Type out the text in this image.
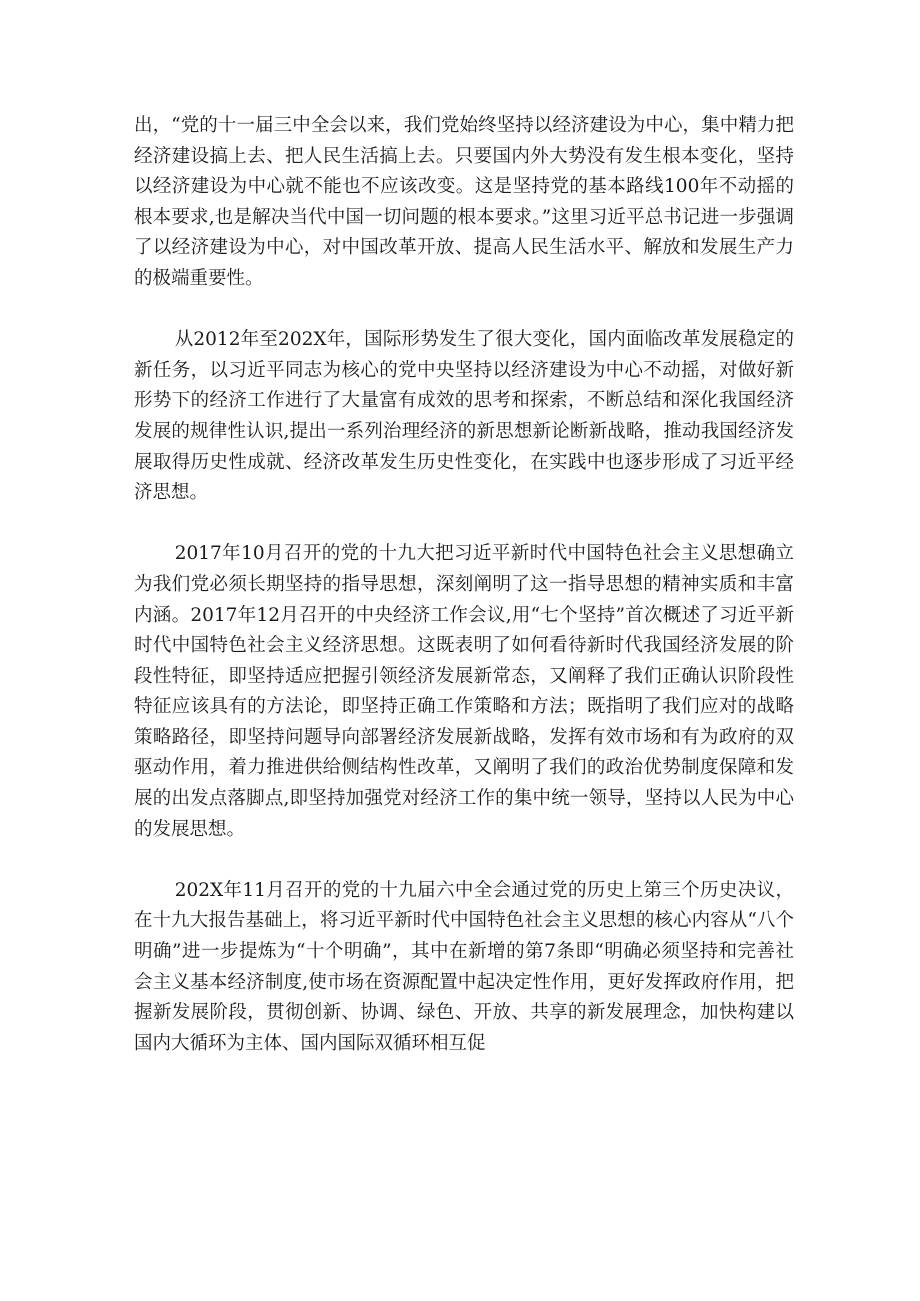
出，“党的十一届三中全会以来，我们党始终坚持以经济建设为中心，集中精力把经济建设搞上去、把人民生活搞上去。只要国内外大势没有发生根本变化，坚持以经济建设为中心就不能也不应该改变。这是坚持党的基本路线100年不动摇的根本要求,也是解决当代中国一切问题的根本要求。”这里习近平总书记进一步强调了以经济建设为中心，对中国改革开放、提高人民生活水平、解放和发展生产力的极端重要性。

从2012年至202X年，国际形势发生了很大变化，国内面临改革发展稳定的新任务，以习近平同志为核心的党中央坚持以经济建设为中心不动摇，对做好新形势下的经济工作进行了大量富有成效的思考和探索，不断总结和深化我国经济发展的规律性认识,提出一系列治理经济的新思想新论断新战略，推动我国经济发展取得历史性成就、经济改革发生历史性变化，在实践中也逐步形成了习近平经济思想。

2017年10月召开的党的十九大把习近平新时代中国特色社会主义思想确立为我们党必须长期坚持的指导思想，深刻阐明了这一指导思想的精神实质和丰富内涵。2017年12月召开的中央经济工作会议,用“七个坚持”首次概述了习近平新时代中国特色社会主义经济思想。这既表明了如何看待新时代我国经济发展的阶段性特征，即坚持适应把握引领经济发展新常态，又阐释了我们正确认识阶段性特征应该具有的方法论，即坚持正确工作策略和方法；既指明了我们应对的战略策略路径，即坚持问题导向部署经济发展新战略，发挥有效市场和有为政府的双驱动作用，着力推进供给侧结构性改革，又阐明了我们的政治优势制度保障和发展的出发点落脚点,即坚持加强党对经济工作的集中统一领导，坚持以人民为中心的发展思想。

202X年11月召开的党的十九届六中全会通过党的历史上第三个历史决议，在十九大报告基础上，将习近平新时代中国特色社会主义思想的核心内容从“八个明确”进一步提炼为“十个明确”，其中在新增的第7条即“明确必须坚持和完善社会主义基本经济制度,使市场在资源配置中起决定性作用，更好发挥政府作用，把握新发展阶段，贯彻创新、协调、绿色、开放、共享的新发展理念，加快构建以国内大循环为主体、国内国际双循环相互促
